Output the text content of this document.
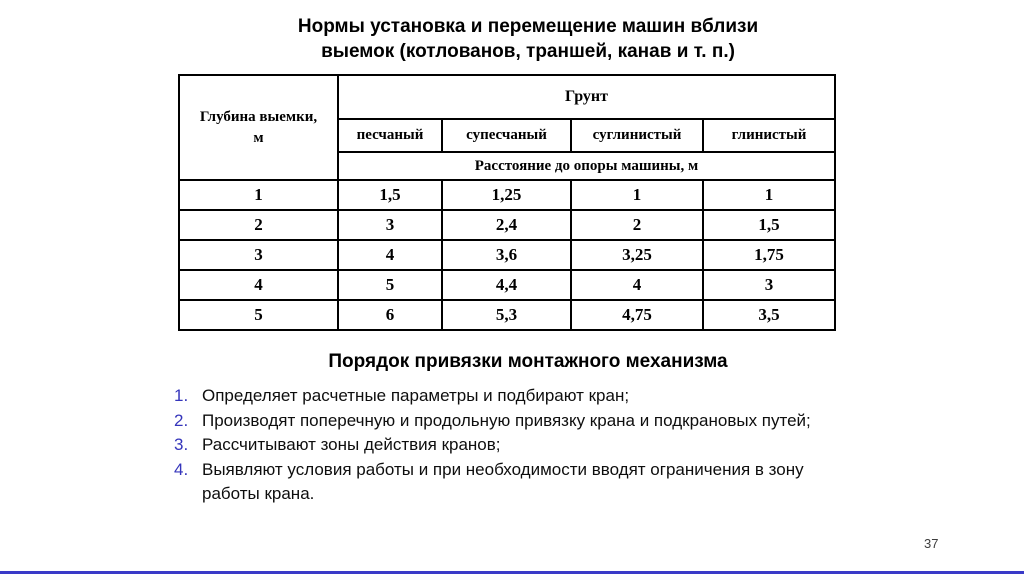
Нормы установка и перемещение машин вблизи
выемок (котлованов, траншей, канав и т. п.)
Глубина выемки,
м	Грунт			
	песчаный	супесчаный	суглинистый	глинистый
	Расстояние до опоры машины, м			
1	1,5	1,25	1	1
2	3	2,4	2	1,5
3	4	3,6	3,25	1,75
4	5	4,4	4	3
5	6	5,3	4,75	3,5
Порядок привязки монтажного механизма
1. Определяет расчетные параметры и подбирают кран;
2. Производят поперечную и продольную привязку крана и подкрановых путей;
3. Рассчитывают зоны действия кранов;
4. Выявляют условия работы и при необходимости вводят ограничения в зону работы крана.
37
